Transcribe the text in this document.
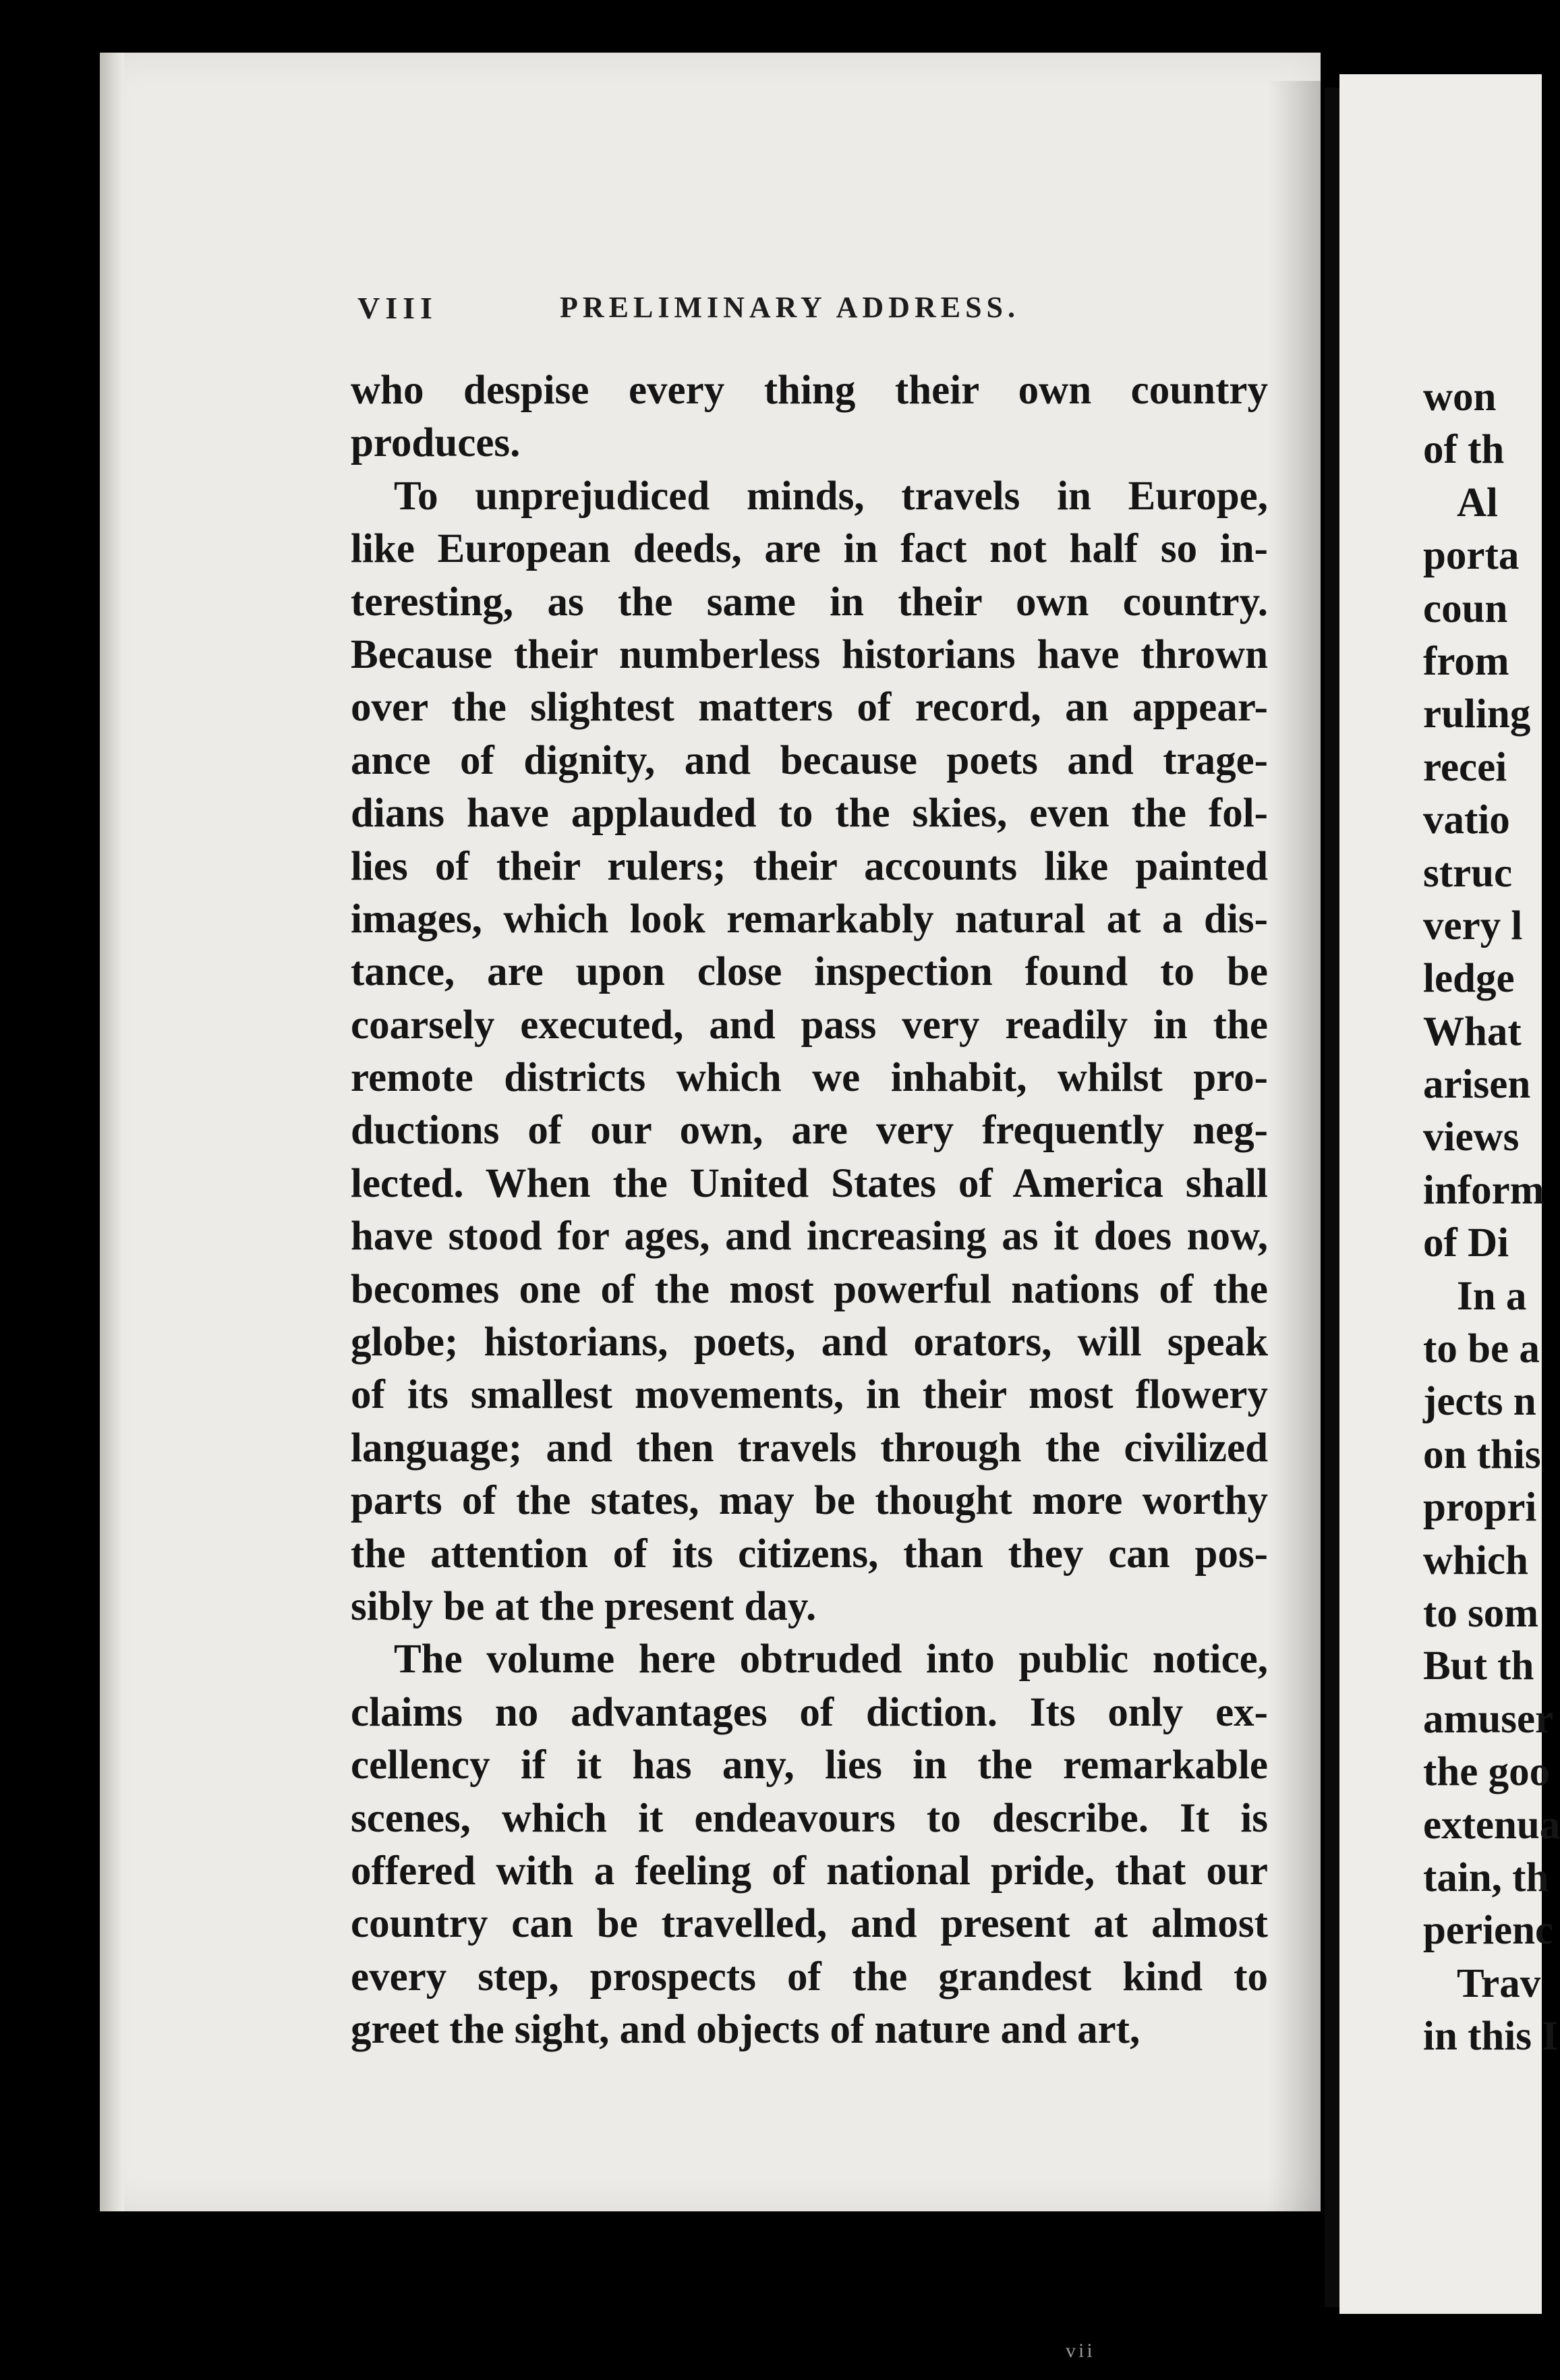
VIII	PRELIMINARY ADDRESS.
who despise every thing their own country
produces.
To unprejudiced minds, travels in Europe,
like European deeds, are in fact not half so in-
teresting, as the same in their own country.
Because their numberless historians have thrown
over the slightest matters of record, an appear-
ance of dignity, and because poets and trage-
dians have applauded to the skies, even the fol-
lies of their rulers; their accounts like painted
images, which look remarkably natural at a dis-
tance, are upon close inspection found to be
coarsely executed, and pass very readily in the
remote districts which we inhabit, whilst pro-
ductions of our own, are very frequently neg-
lected. When the United States of America shall
have stood for ages, and increasing as it does now,
becomes one of the most powerful nations of the
globe; historians, poets, and orators, will speak
of its smallest movements, in their most flowery
language; and then travels through the civilized
parts of the states, may be thought more worthy
the attention of its citizens, than they can pos-
sibly be at the present day.
The volume here obtruded into public notice,
claims no advantages of diction. Its only ex-
cellency if it has any, lies in the remarkable
scenes, which it endeavours to describe. It is
offered with a feeling of national pride, that our
country can be travelled, and present at almost
every step, prospects of the grandest kind to
greet the sight, and objects of nature and art,
won
of th
Al
porta
coun
from
ruling
recei
vatio
struc
very l
ledge
What
arisen
views
inform
of Di
In a
to be a
jects n
on this
propri
which
to som
But th
amuser
the goo
extenua
tain, th
perienc
Trav
in this I
vii
